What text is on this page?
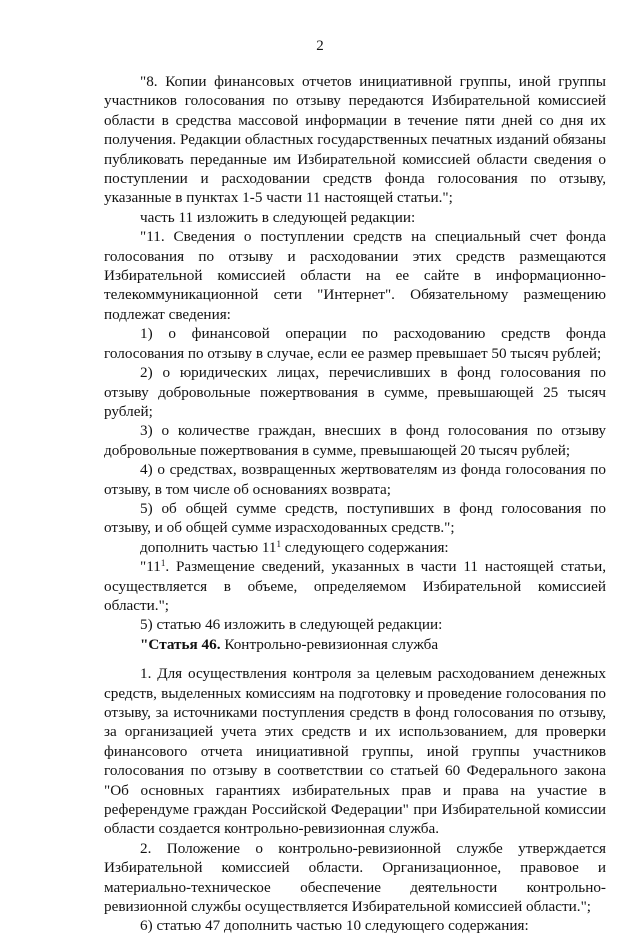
2

"8. Копии финансовых отчетов инициативной группы, иной группы участников голосования по отзыву передаются Избирательной комиссией области в средства массовой информации в течение пяти дней со дня их получения. Редакции областных государственных печатных изданий обязаны публиковать переданные им Избирательной комиссией области сведения о поступлении и расходовании средств фонда голосования по отзыву, указанные в пунктах 1-5 части 11 настоящей статьи.";

часть 11 изложить в следующей редакции:

"11. Сведения о поступлении средств на специальный счет фонда голосования по отзыву и расходовании этих средств размещаются Избирательной комиссией области на ее сайте в информационно-телекоммуникационной сети "Интернет". Обязательному размещению подлежат сведения:

1) о финансовой операции по расходованию средств фонда голосования по отзыву в случае, если ее размер превышает 50 тысяч рублей;

2) о юридических лицах, перечисливших в фонд голосования по отзыву добровольные пожертвования в сумме, превышающей 25 тысяч рублей;

3) о количестве граждан, внесших в фонд голосования по отзыву добровольные пожертвования в сумме, превышающей 20 тысяч рублей;

4) о средствах, возвращенных жертвователям из фонда голосования по отзыву, в том числе об основаниях возврата;

5) об общей сумме средств, поступивших в фонд голосования по отзыву, и об общей сумме израсходованных средств.";

дополнить частью $11^1$ следующего содержания:

"$11^1$. Размещение сведений, указанных в части 11 настоящей статьи, осуществляется в объеме, определяемом Избирательной комиссией области.";

5) статью 46 изложить в следующей редакции:

"Статья 46. Контрольно-ревизионная служба

1. Для осуществления контроля за целевым расходованием денежных средств, выделенных комиссиям на подготовку и проведение голосования по отзыву, за источниками поступления средств в фонд голосования по отзыву, за организацией учета этих средств и их использованием, для проверки финансового отчета инициативной группы, иной группы участников голосования по отзыву в соответствии со статьей 60 Федерального закона "Об основных гарантиях избирательных прав и права на участие в референдуме граждан Российской Федерации" при Избирательной комиссии области создается контрольно-ревизионная служба.

2. Положение о контрольно-ревизионной службе утверждается Избирательной комиссией области. Организационное, правовое и материально-техническое обеспечение деятельности контрольно-ревизионной службы осуществляется Избирательной комиссией области.";

6) статью 47 дополнить частью 10 следующего содержания:
